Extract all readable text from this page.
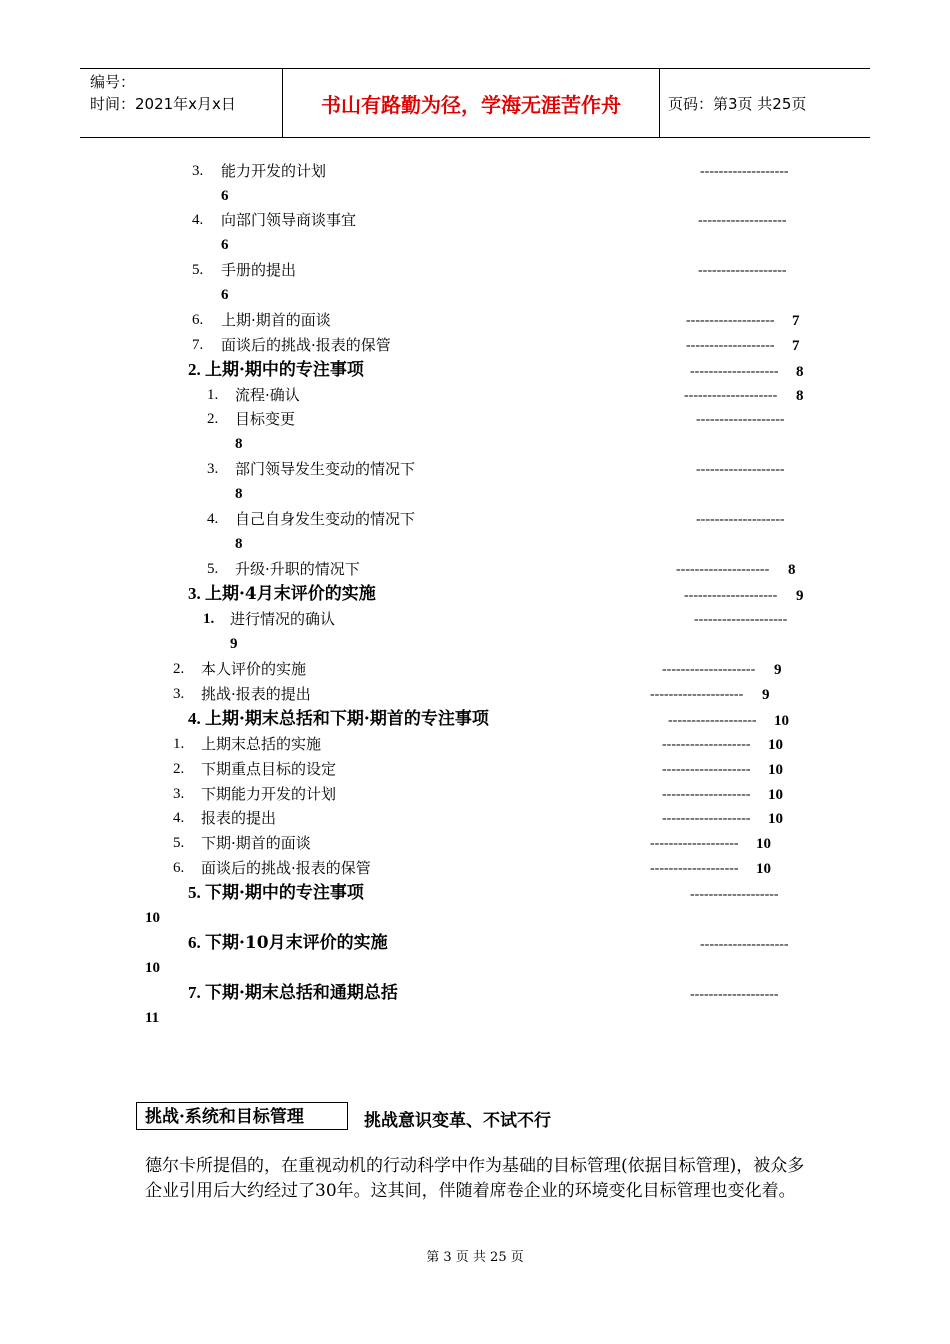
编号：
时间：2021年x月x日	书山有路勤为径，学海无涯苦作舟	页码：第3页 共25页
3. 能力开发的计划	-------------------
6
4. 向部门领导商谈事宜	-------------------
6
5. 手册的提出	-------------------
6
6. 上期·期首的面谈	------------------- 7
7. 面谈后的挑战·报表的保管	------------------- 7
2. 上期·期中的专注事项	------------------- 8
1. 流程·确认	-------------------- 8
2. 目标变更	-------------------
8
3. 部门领导发生变动的情况下	-------------------
8
4. 自己自身发生变动的情况下	-------------------
8
5. 升级·升职的情况下	-------------------- 8
3. 上期·4月末评价的实施	-------------------- 9
1. 进行情况的确认	--------------------
9
2. 本人评价的实施	-------------------- 9
3. 挑战·报表的提出	-------------------- 9
4. 上期·期末总括和下期·期首的专注事项	------------------- 10
1. 上期末总括的实施	------------------- 10
2. 下期重点目标的设定	------------------- 10
3. 下期能力开发的计划	------------------- 10
4. 报表的提出	------------------- 10
5. 下期·期首的面谈	------------------- 10
6. 面谈后的挑战·报表的保管	------------------- 10
5. 下期·期中的专注事项	-------------------
10
6. 下期·10月末评价的实施	-------------------
10
7. 下期·期末总括和通期总括	-------------------
11
挑战·系统和目标管理	挑战意识变革、不试不行
德尔卡所提倡的，在重视动机的行动科学中作为基础的目标管理(依据目标管理)，被众多企业引用后大约经过了30年。这其间，伴随着席卷企业的环境变化目标管理也变化着。
第 3 页 共 25 页
